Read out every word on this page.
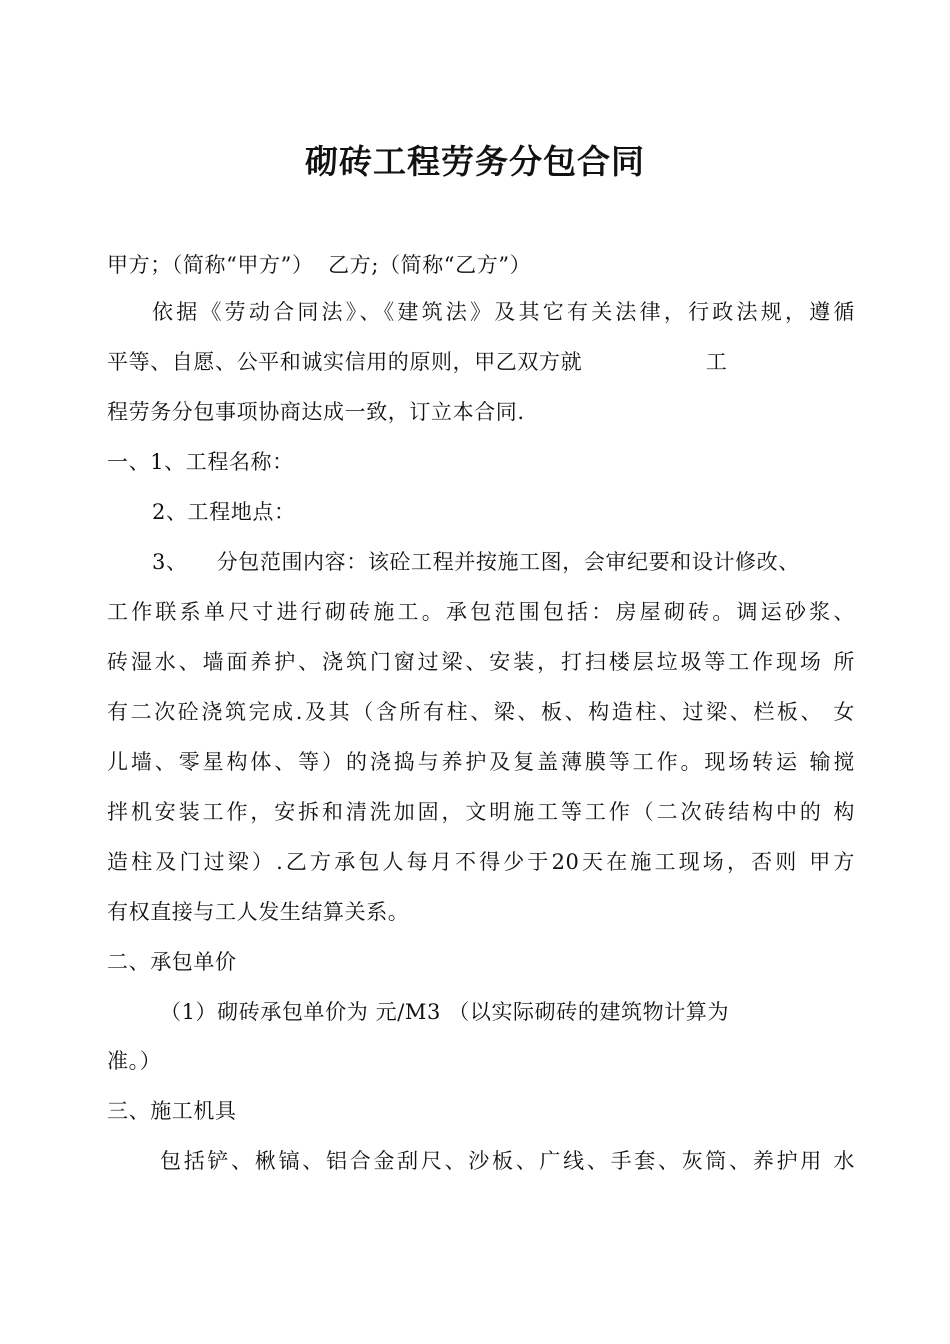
砌砖工程劳务分包合同
甲方；（简称“甲方”）  乙方;（简称“乙方”）
依据《劳动合同法》、《建筑法》及其它有关法律，行政法规，遵循
平等、自愿、公平和诚实信用的原则，甲乙双方就                 工
程劳务分包事项协商达成一致，订立本合同.
一、1、工程名称：
2、工程地点：
3、    分包范围内容：该砼工程并按施工图，会审纪要和设计修改、
工作联系单尺寸进行砌砖施工。承包范围包括：房屋砌砖。调运砂浆、
砖湿水、墙面养护、浇筑门窗过梁、安装，打扫楼层垃圾等工作现场 所
有二次砼浇筑完成.及其（含所有柱、梁、板、构造柱、过梁、栏板、 女
儿墙、零星构体、等）的浇捣与养护及复盖薄膜等工作。现场转运 输搅
拌机安装工作，安拆和清洗加固，文明施工等工作（二次砖结构中的 构
造柱及门过梁）.乙方承包人每月不得少于20天在施工现场，否则 甲方
有权直接与工人发生结算关系。
二、承包单价
（1）砌砖承包单价为 元/M3 （以实际砌砖的建筑物计算为
准。）
三、施工机具
包括铲、楸镐、铝合金刮尺、沙板、广线、手套、灰筒、养护用 水
